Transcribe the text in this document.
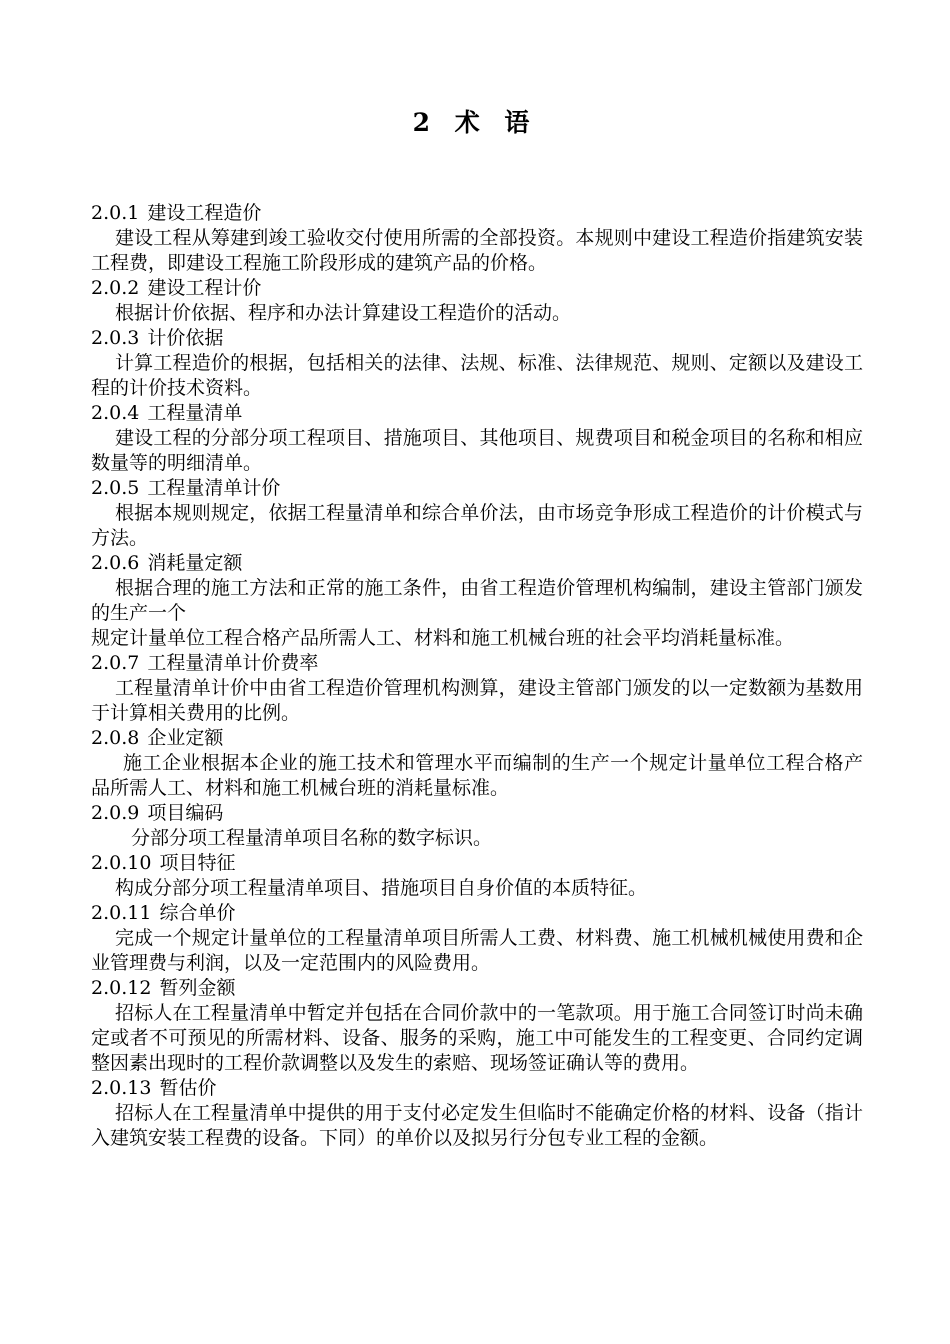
2 术 语

2.0.1 建设工程造价

建设工程从筹建到竣工验收交付使用所需的全部投资。本规则中建设工程造价指建筑安装工程费，即建设工程施工阶段形成的建筑产品的价格。

2.0.2 建设工程计价

根据计价依据、程序和办法计算建设工程造价的活动。

2.0.3 计价依据

计算工程造价的根据，包括相关的法律、法规、标准、法律规范、规则、定额以及建设工程的计价技术资料。

2.0.4 工程量清单

建设工程的分部分项工程项目、措施项目、其他项目、规费项目和税金项目的名称和相应数量等的明细清单。

2.0.5 工程量清单计价

根据本规则规定，依据工程量清单和综合单价法，由市场竞争形成工程造价的计价模式与方法。

2.0.6 消耗量定额

根据合理的施工方法和正常的施工条件，由省工程造价管理机构编制，建设主管部门颁发的生产一个

规定计量单位工程合格产品所需人工、材料和施工机械台班的社会平均消耗量标准。

2.0.7 工程量清单计价费率

工程量清单计价中由省工程造价管理机构测算，建设主管部门颁发的以一定数额为基数用于计算相关费用的比例。

2.0.8 企业定额

施工企业根据本企业的施工技术和管理水平而编制的生产一个规定计量单位工程合格产品所需人工、材料和施工机械台班的消耗量标准。

2.0.9 项目编码

分部分项工程量清单项目名称的数字标识。

2.0.10 项目特征

构成分部分项工程量清单项目、措施项目自身价值的本质特征。

2.0.11 综合单价

完成一个规定计量单位的工程量清单项目所需人工费、材料费、施工机械机械使用费和企业管理费与利润，以及一定范围内的风险费用。

2.0.12 暂列金额

招标人在工程量清单中暂定并包括在合同价款中的一笔款项。用于施工合同签订时尚未确定或者不可预见的所需材料、设备、服务的采购，施工中可能发生的工程变更、合同约定调整因素出现时的工程价款调整以及发生的索赔、现场签证确认等的费用。

2.0.13 暂估价

招标人在工程量清单中提供的用于支付必定发生但临时不能确定价格的材料、设备（指计入建筑安装工程费的设备。下同）的单价以及拟另行分包专业工程的金额。
